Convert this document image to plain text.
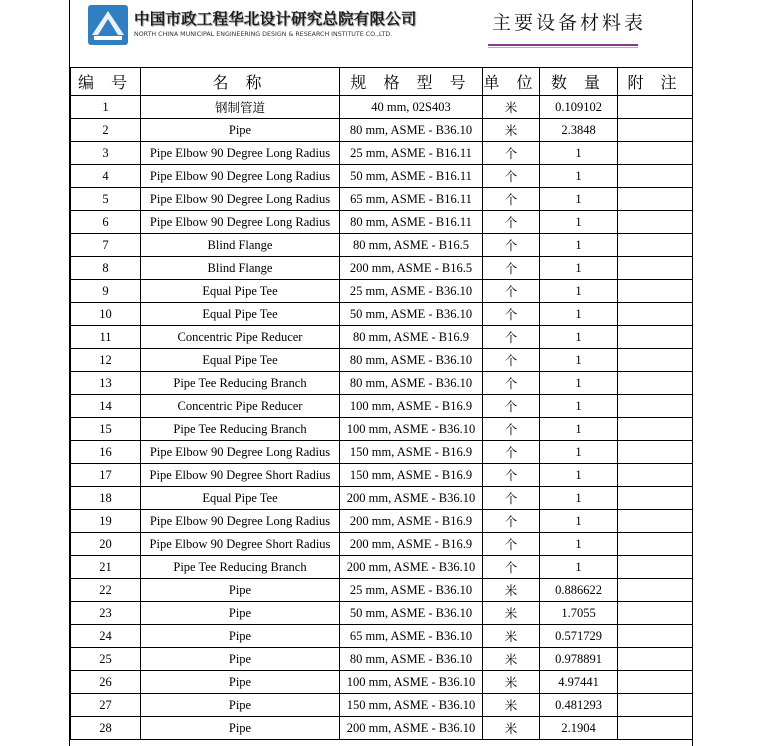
中国市政工程华北设计研究总院有限公司
NORTH CHINA MUNICIPAL ENGINEERING DESIGN & RESEARCH INSTITUTE CO.,LTD.
主要设备材料表
编 号	名 称	规 格 型 号	单 位	数 量	附 注
1	钢制管道	40 mm, 02S403	米	0.109102	
2	Pipe	80 mm, ASME - B36.10	米	2.3848	
3	Pipe Elbow 90 Degree Long Radius	25 mm, ASME - B16.11	个	1	
4	Pipe Elbow 90 Degree Long Radius	50 mm, ASME - B16.11	个	1	
5	Pipe Elbow 90 Degree Long Radius	65 mm, ASME - B16.11	个	1	
6	Pipe Elbow 90 Degree Long Radius	80 mm, ASME - B16.11	个	1	
7	Blind Flange	80 mm, ASME - B16.5	个	1	
8	Blind Flange	200 mm, ASME - B16.5	个	1	
9	Equal Pipe Tee	25 mm, ASME - B36.10	个	1	
10	Equal Pipe Tee	50 mm, ASME - B36.10	个	1	
11	Concentric Pipe Reducer	80 mm, ASME - B16.9	个	1	
12	Equal Pipe Tee	80 mm, ASME - B36.10	个	1	
13	Pipe Tee Reducing Branch	80 mm, ASME - B36.10	个	1	
14	Concentric Pipe Reducer	100 mm, ASME - B16.9	个	1	
15	Pipe Tee Reducing Branch	100 mm, ASME - B36.10	个	1	
16	Pipe Elbow 90 Degree Long Radius	150 mm, ASME - B16.9	个	1	
17	Pipe Elbow 90 Degree Short Radius	150 mm, ASME - B16.9	个	1	
18	Equal Pipe Tee	200 mm, ASME - B36.10	个	1	
19	Pipe Elbow 90 Degree Long Radius	200 mm, ASME - B16.9	个	1	
20	Pipe Elbow 90 Degree Short Radius	200 mm, ASME - B16.9	个	1	
21	Pipe Tee Reducing Branch	200 mm, ASME - B36.10	个	1	
22	Pipe	25 mm, ASME - B36.10	米	0.886622	
23	Pipe	50 mm, ASME - B36.10	米	1.7055	
24	Pipe	65 mm, ASME - B36.10	米	0.571729	
25	Pipe	80 mm, ASME - B36.10	米	0.978891	
26	Pipe	100 mm, ASME - B36.10	米	4.97441	
27	Pipe	150 mm, ASME - B36.10	米	0.481293	
28	Pipe	200 mm, ASME - B36.10	米	2.1904	
